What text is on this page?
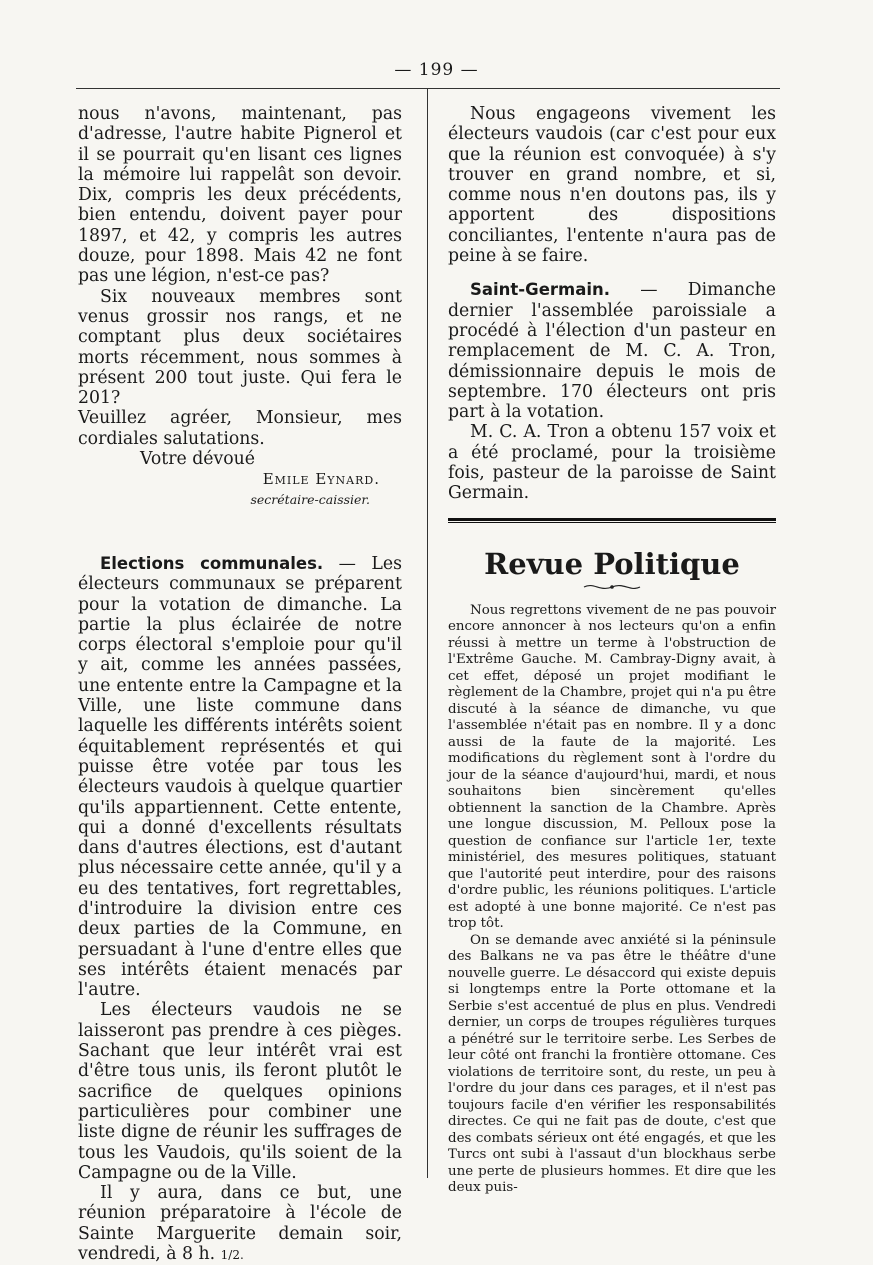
— 199 —

nous n'avons, maintenant, pas d'adresse, l'autre habite Pignerol et il se pourrait qu'en lisant ces lignes la mémoire lui rappelât son devoir. Dix, compris les deux précédents, bien entendu, doivent payer pour 1897, et 42, y compris les autres douze, pour 1898. Mais 42 ne font pas une légion, n'est-ce pas?

Six nouveaux membres sont venus grossir nos rangs, et ne comptant plus deux sociétaires morts récemment, nous sommes à présent 200 tout juste. Qui fera le 201?

Veuillez agréer, Monsieur, mes cordiales salutations.

Votre dévoué

Emile Eynard.

secrétaire-caissier.

Elections communales. — Les électeurs communaux se préparent pour la votation de dimanche. La partie la plus éclairée de notre corps électoral s'emploie pour qu'il y ait, comme les années passées, une entente entre la Campagne et la Ville, une liste commune dans laquelle les différents intérêts soient équitablement représentés et qui puisse être votée par tous les électeurs vaudois à quelque quartier qu'ils appartiennent. Cette entente, qui a donné d'excellents résultats dans d'autres élections, est d'autant plus nécessaire cette année, qu'il y a eu des tentatives, fort regrettables, d'introduire la division entre ces deux parties de la Commune, en persuadant à l'une d'entre elles que ses intérêts étaient menacés par l'autre.

Les électeurs vaudois ne se laisseront pas prendre à ces pièges. Sachant que leur intérêt vrai est d'être tous unis, ils feront plutôt le sacrifice de quelques opinions particulières pour combiner une liste digne de réunir les suffrages de tous les Vaudois, qu'ils soient de la Campagne ou de la Ville.

Il y aura, dans ce but, une réunion préparatoire à l'école de Sainte Marguerite demain soir, vendredi, à 8 h. 1/2.

Nous engageons vivement les électeurs vaudois (car c'est pour eux que la réunion est convoquée) à s'y trouver en grand nombre, et si, comme nous n'en doutons pas, ils y apportent des dispositions conciliantes, l'entente n'aura pas de peine à se faire.

Saint-Germain. — Dimanche dernier l'assemblée paroissiale a procédé à l'élection d'un pasteur en remplacement de M. C. A. Tron, démissionnaire depuis le mois de septembre. 170 électeurs ont pris part à la votation.

M. C. A. Tron a obtenu 157 voix et a été proclamé, pour la troisième fois, pasteur de la paroisse de Saint Germain.

Revue Politique

Nous regrettons vivement de ne pas pouvoir encore annoncer à nos lecteurs qu'on a enfin réussi à mettre un terme à l'obstruction de l'Extrême Gauche. M. Cambray-Digny avait, à cet effet, déposé un projet modifiant le règlement de la Chambre, projet qui n'a pu être discuté à la séance de dimanche, vu que l'assemblée n'était pas en nombre. Il y a donc aussi de la faute de la majorité. Les modifications du règlement sont à l'ordre du jour de la séance d'aujourd'hui, mardi, et nous souhaitons bien sincèrement qu'elles obtiennent la sanction de la Chambre. Après une longue discussion, M. Pelloux pose la question de confiance sur l'article 1er, texte ministériel, des mesures politiques, statuant que l'autorité peut interdire, pour des raisons d'ordre public, les réunions politiques. L'article est adopté à une bonne majorité. Ce n'est pas trop tôt.

On se demande avec anxiété si la péninsule des Balkans ne va pas être le théâtre d'une nouvelle guerre. Le désaccord qui existe depuis si longtemps entre la Porte ottomane et la Serbie s'est accentué de plus en plus. Vendredi dernier, un corps de troupes régulières turques a pénétré sur le territoire serbe. Les Serbes de leur côté ont franchi la frontière ottomane. Ces violations de territoire sont, du reste, un peu à l'ordre du jour dans ces parages, et il n'est pas toujours facile d'en vérifier les responsabilités directes. Ce qui ne fait pas de doute, c'est que des combats sérieux ont été engagés, et que les Turcs ont subi à l'assaut d'un blockhaus serbe une perte de plusieurs hommes. Et dire que les deux puis-
